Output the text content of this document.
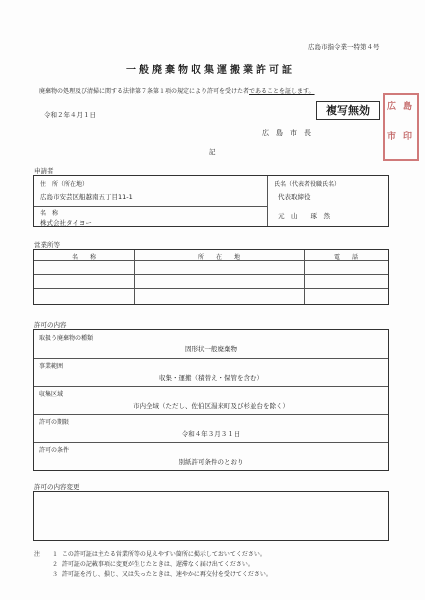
広島市指令業一特第４号
一般廃棄物収集運搬業許可証
廃棄物の処理及び清掃に関する法律第７条第１項の規定により許可を受けた者であることを証します。
令和２年４月１日
広　島　市　長
複写無効	広 島
市 印
記
申請者
住　所（所在地）
広島市安芸区船越南五丁目11-1
名　称
株式会社タイヨー
氏名（代表者役職氏名）
代表取締役
元　山　　琢　然
営業所等
名　　称	所　　在　　地	電　　話
許可の内容
取扱う廃棄物の種類
固形状一般廃棄物
事業範囲
収集・運搬（積替え・保管を含む）
収集区域
市内全域（ただし、佐伯区湯来町及び杉並台を除く）
許可の期限
令和４年３月３１日
許可の条件
別紙許可条件のとおり
許可の内容変更
注 １ この許可証は主たる営業所等の見えやすい箇所に掲示しておいてください。
２ 許可証の記載事項に変更が生じたときは、遅滞なく届け出てください。
３ 許可証を汚し、損じ、又は失ったときは、速やかに再交付を受けてください。
